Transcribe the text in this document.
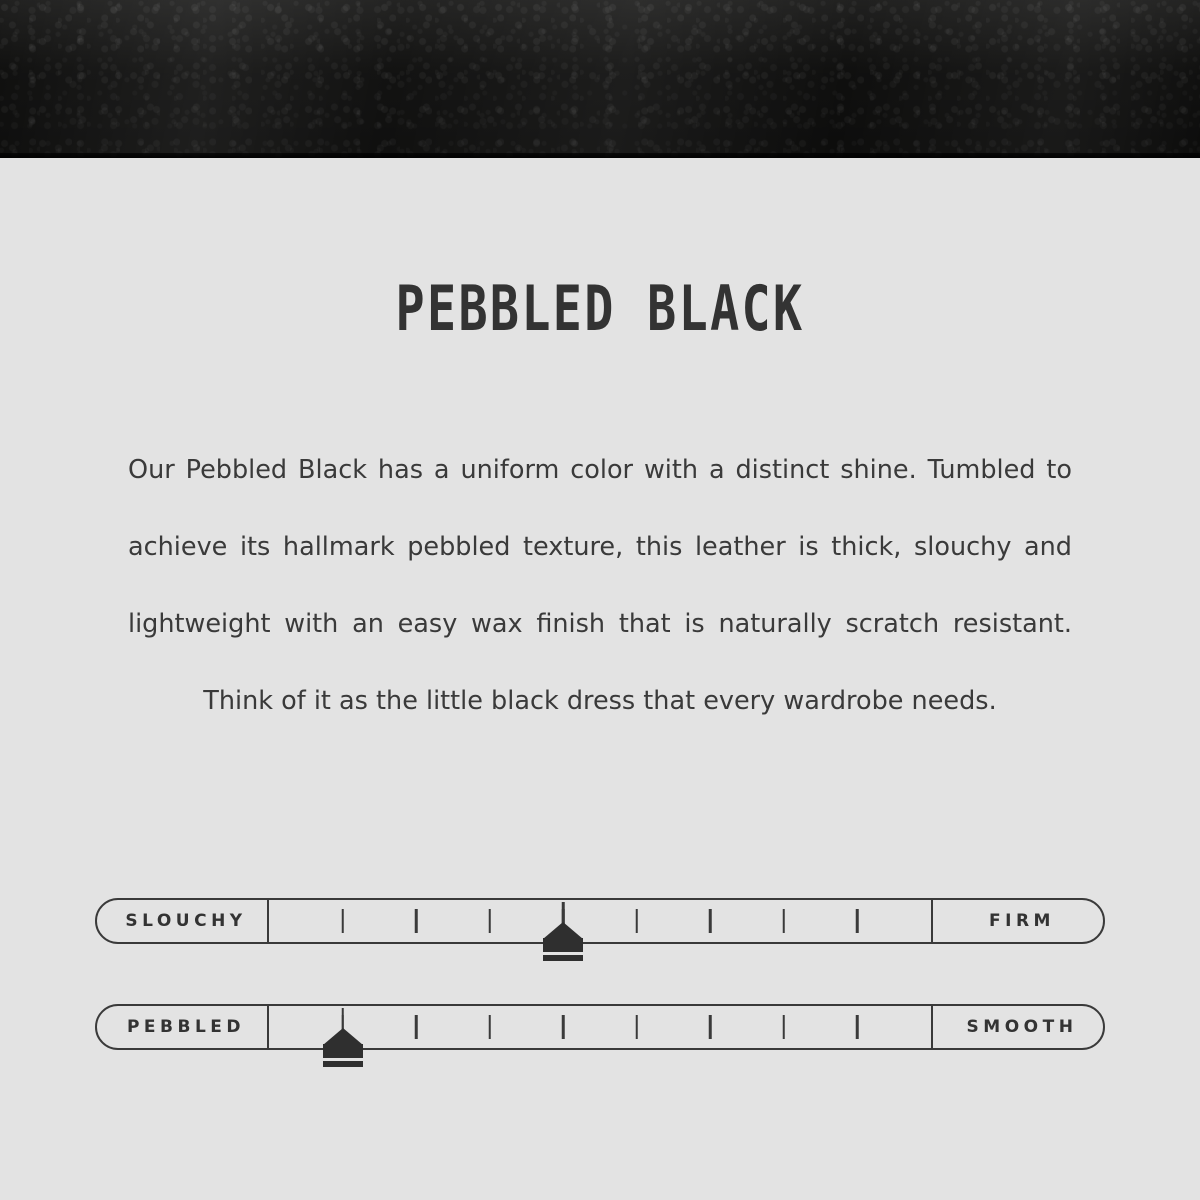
PEBBLED BLACK

Our Pebbled Black has a uniform color with a distinct shine. Tumbled to achieve its hallmark pebbled texture, this leather is thick, slouchy and lightweight with an easy wax finish that is naturally scratch resistant. Think of it as the little black dress that every wardrobe needs.

SLOUCHY	FIRM
PEBBLED	SMOOTH
